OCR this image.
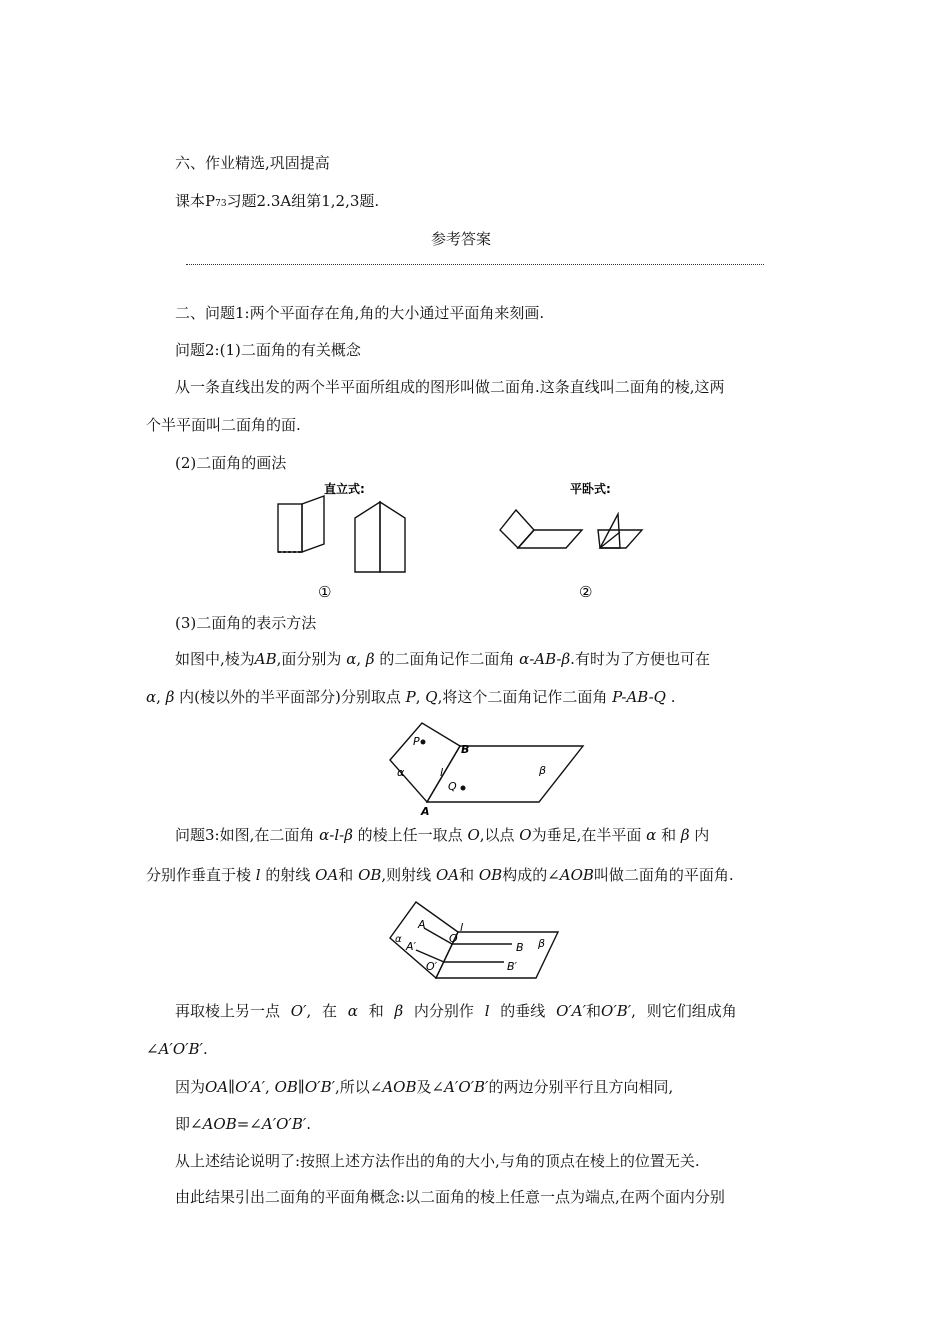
六、作业精选,巩固提高
课本P73习题2.3A组第1,2,3题.
参考答案
二、问题1:两个平面存在角,角的大小通过平面角来刻画.
问题2:(1)二面角的有关概念
从一条直线出发的两个半平面所组成的图形叫做二面角.这条直线叫二面角的棱,这两
个半平面叫二面角的面.
(2)二面角的画法
直立式:	平卧式:
①	②
(3)二面角的表示方法
如图中,棱为AB,面分别为 α, β 的二面角记作二面角 α-AB-β.有时为了方便也可在
α, β 内(棱以外的半平面部分)分别取点 P, Q,将这个二面角记作二面角 P-AB-Q .
P
B
α	l	β
Q
A
问题3:如图,在二面角 α-l-β 的棱上任一取点 O,以点 O为垂足,在半平面 α 和 β 内
分别作垂直于棱 l 的射线 OA和 OB,则射线 OA和 OB构成的∠AOB叫做二面角的平面角.
A
O
l
α
A′	B β
O′	B′
再取棱上另一点 O′, 在 α 和 β 内分别作 l 的垂线 O′A′和O′B′, 则它们组成角
∠A′O′B′.
因为OA∥O′A′, OB∥O′B′,所以∠AOB及∠A′O′B′的两边分别平行且方向相同,
即∠AOB=∠A′O′B′.
从上述结论说明了:按照上述方法作出的角的大小,与角的顶点在棱上的位置无关.
由此结果引出二面角的平面角概念:以二面角的棱上任意一点为端点,在两个面内分别
